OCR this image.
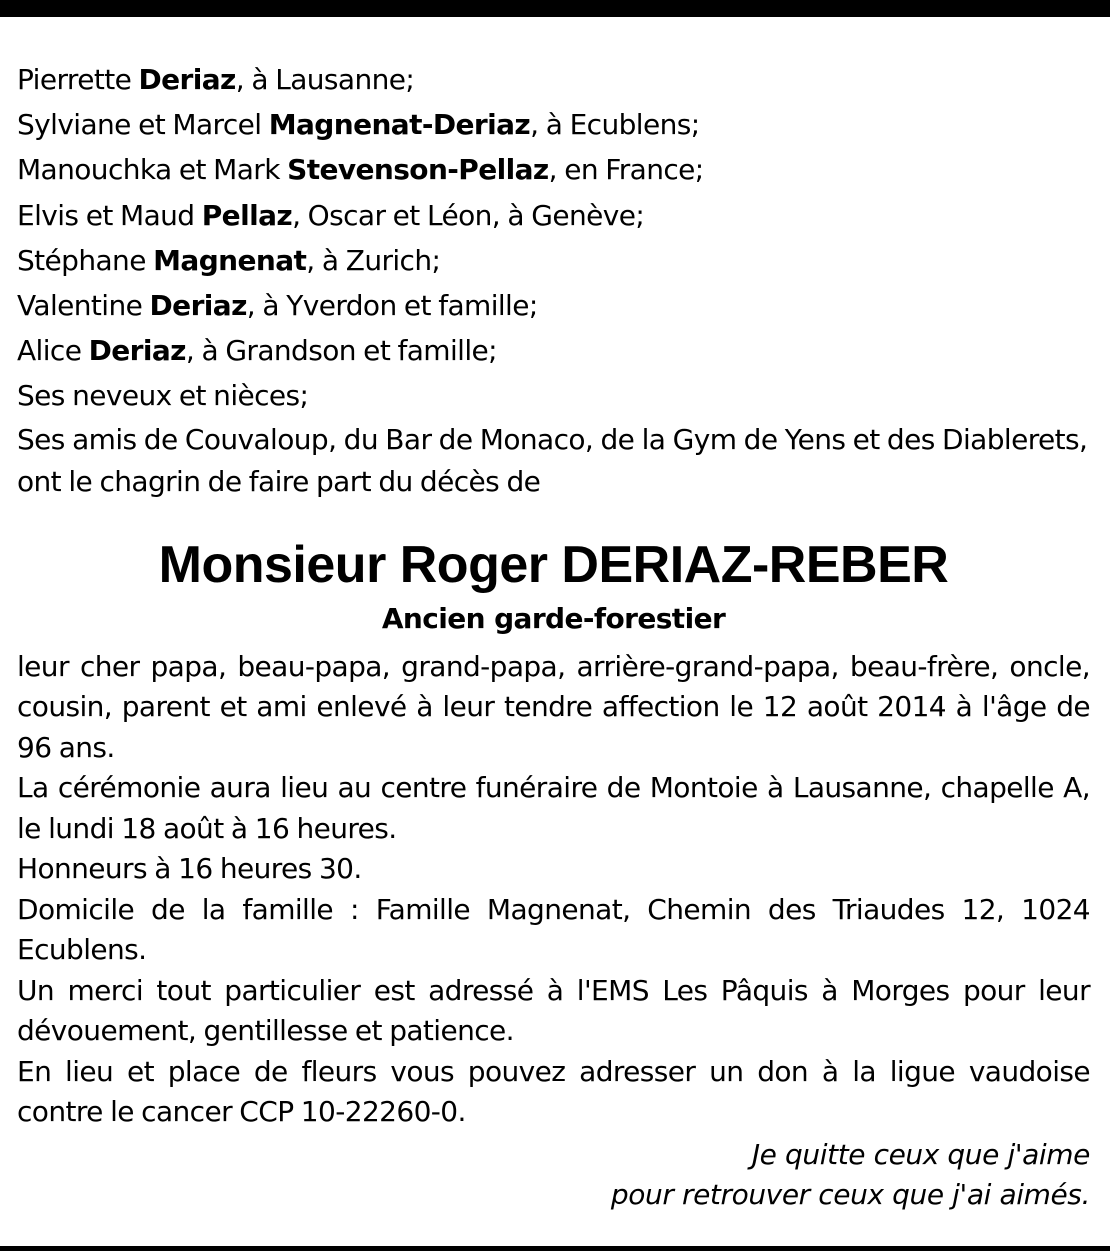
Pierrette Deriaz, à Lausanne;
Sylviane et Marcel Magnenat-Deriaz, à Ecublens;
Manouchka et Mark Stevenson-Pellaz, en France;
Elvis et Maud Pellaz, Oscar et Léon, à Genève;
Stéphane Magnenat, à Zurich;
Valentine Deriaz, à Yverdon et famille;
Alice Deriaz, à Grandson et famille;
Ses neveux et nièces;

Ses amis de Couvaloup, du Bar de Monaco, de la Gym de Yens et des Diablerets, ont le chagrin de faire part du décès de

Monsieur Roger DERIAZ-REBER
Ancien garde-forestier

leur cher papa, beau-papa, grand-papa, arrière-grand-papa, beau-frère, oncle, cousin, parent et ami enlevé à leur tendre affection le 12 août 2014 à l'âge de 96 ans.

La cérémonie aura lieu au centre funéraire de Montoie à Lausanne, chapelle A, le lundi 18 août à 16 heures.

Honneurs à 16 heures 30.

Domicile de la famille : Famille Magnenat, Chemin des Triaudes 12, 1024 Ecublens.

Un merci tout particulier est adressé à l'EMS Les Pâquis à Morges pour leur dévouement, gentillesse et patience.

En lieu et place de fleurs vous pouvez adresser un don à la ligue vaudoise contre le cancer CCP 10-22260-0.

Je quitte ceux que j'aime
pour retrouver ceux que j'ai aimés.
